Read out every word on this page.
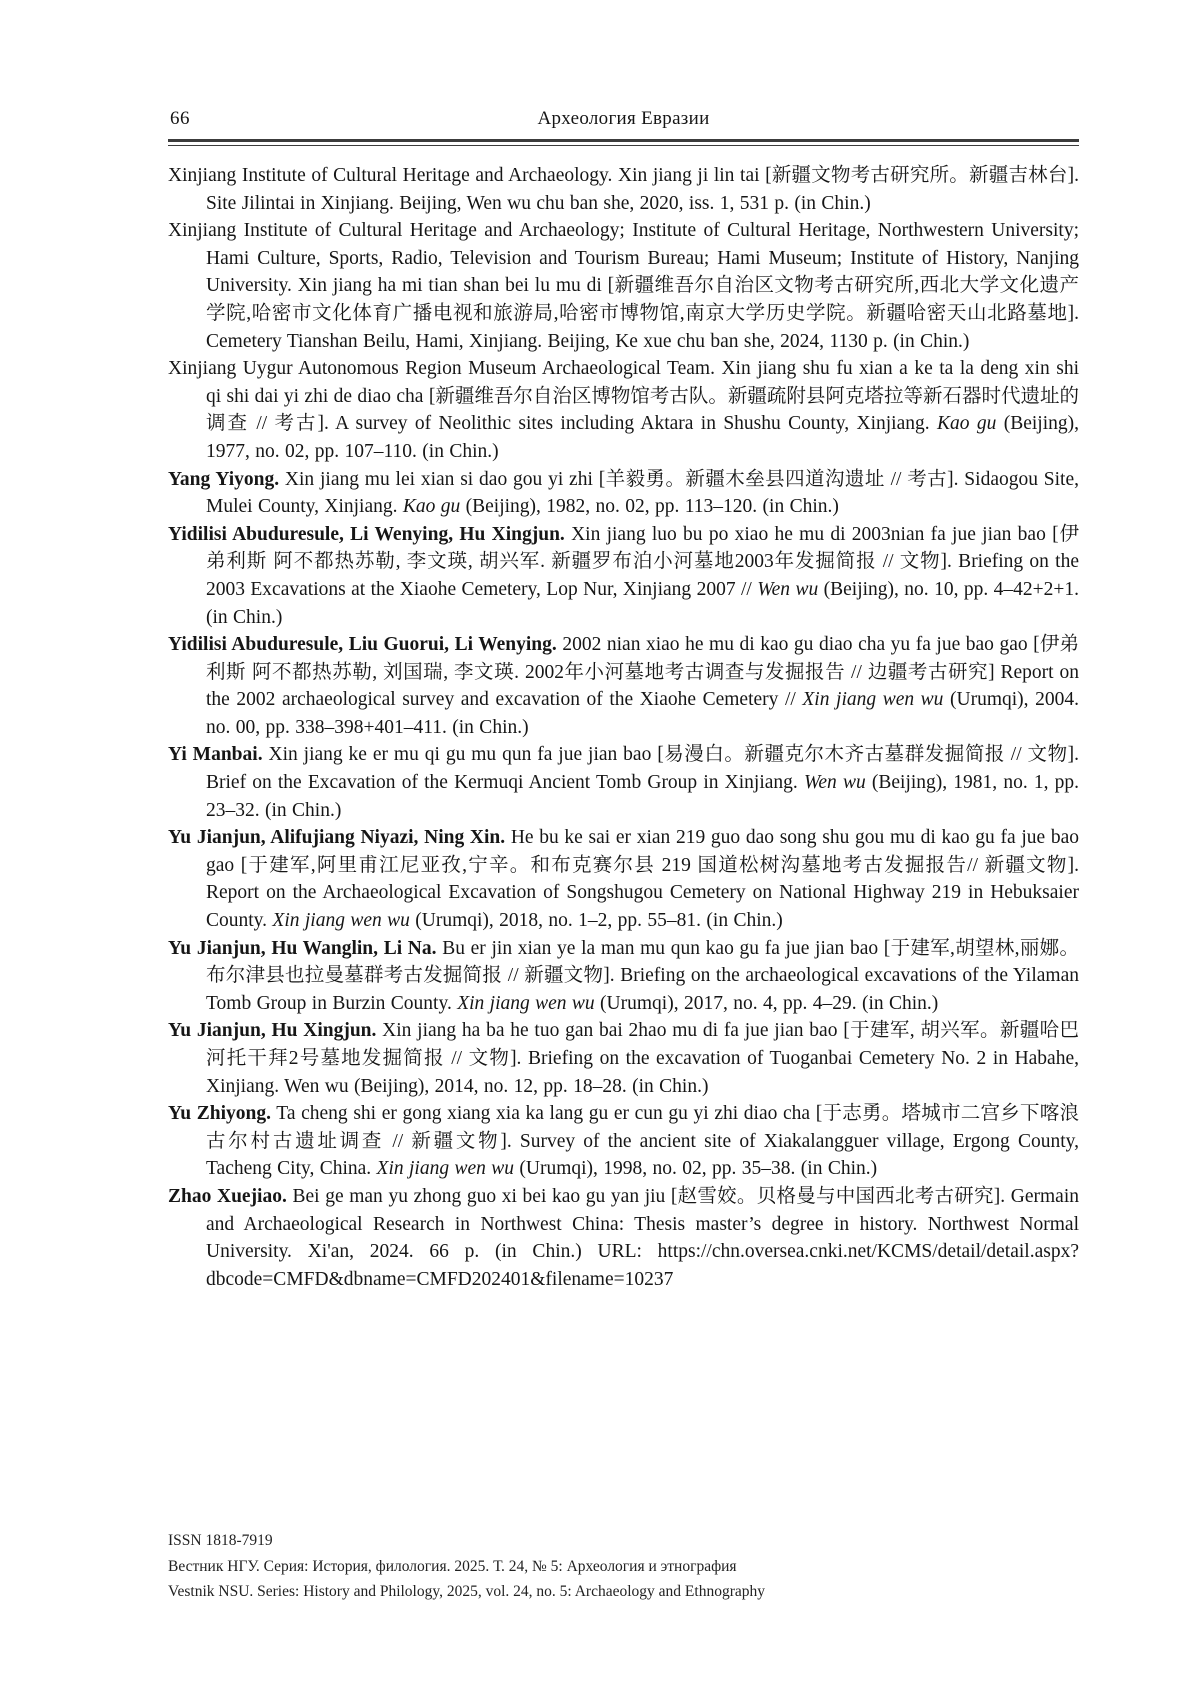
66	Археология Евразии

Xinjiang Institute of Cultural Heritage and Archaeology. Xin jiang ji lin tai [新疆文物考古研究所。新疆吉林台]. Site Jilintai in Xinjiang. Beijing, Wen wu chu ban she, 2020, iss. 1, 531 p. (in Chin.)

Xinjiang Institute of Cultural Heritage and Archaeology; Institute of Cultural Heritage, Northwestern University; Hami Culture, Sports, Radio, Television and Tourism Bureau; Hami Museum; Institute of History, Nanjing University. Xin jiang ha mi tian shan bei lu mu di [新疆维吾尔自治区文物考古研究所,西北大学文化遗产学院,哈密市文化体育广播电视和旅游局,哈密市博物馆,南京大学历史学院。新疆哈密天山北路墓地]. Cemetery Tianshan Beilu, Hami, Xinjiang. Beijing, Ke xue chu ban she, 2024, 1130 p. (in Chin.)

Xinjiang Uygur Autonomous Region Museum Archaeological Team. Xin jiang shu fu xian a ke ta la deng xin shi qi shi dai yi zhi de diao cha [新疆维吾尔自治区博物馆考古队。新疆疏附县阿克塔拉等新石器时代遗址的调查 // 考古]. A survey of Neolithic sites including Aktara in Shushu County, Xinjiang. Kao gu (Beijing), 1977, no. 02, pp. 107–110. (in Chin.)

Yang Yiyong. Xin jiang mu lei xian si dao gou yi zhi [羊毅勇。新疆木垒县四道沟遗址 // 考古]. Sidaogou Site, Mulei County, Xinjiang. Kao gu (Beijing), 1982, no. 02, pp. 113–120. (in Chin.)

Yidilisi Abuduresule, Li Wenying, Hu Xingjun. Xin jiang luo bu po xiao he mu di 2003nian fa jue jian bao [伊弟利斯 阿不都热苏勒, 李文瑛, 胡兴军. 新疆罗布泊小河墓地2003年发掘简报 // 文物]. Briefing on the 2003 Excavations at the Xiaohe Cemetery, Lop Nur, Xinjiang 2007 // Wen wu (Beijing), no. 10, pp. 4–42+2+1. (in Chin.)

Yidilisi Abuduresule, Liu Guorui, Li Wenying. 2002 nian xiao he mu di kao gu diao cha yu fa jue bao gao [伊弟利斯 阿不都热苏勒, 刘国瑞, 李文瑛. 2002年小河墓地考古调查与发掘报告 // 边疆考古研究] Report on the 2002 archaeological survey and excavation of the Xiaohe Cemetery // Xin jiang wen wu (Urumqi), 2004. no. 00, pp. 338–398+401–411. (in Chin.)

Yi Manbai. Xin jiang ke er mu qi gu mu qun fa jue jian bao [易漫白。新疆克尔木齐古墓群发掘简报 // 文物]. Brief on the Excavation of the Kermuqi Ancient Tomb Group in Xinjiang. Wen wu (Beijing), 1981, no. 1, pp. 23–32. (in Chin.)

Yu Jianjun, Alifujiang Niyazi, Ning Xin. He bu ke sai er xian 219 guo dao song shu gou mu di kao gu fa jue bao gao [于建军,阿里甫江尼亚孜,宁辛。和布克赛尔县 219 国道松树沟墓地考古发掘报告// 新疆文物]. Report on the Archaeological Excavation of Songshugou Cemetery on National Highway 219 in Hebuksaier County. Xin jiang wen wu (Urumqi), 2018, no. 1–2, pp. 55–81. (in Chin.)

Yu Jianjun, Hu Wanglin, Li Na. Bu er jin xian ye la man mu qun kao gu fa jue jian bao [于建军,胡望林,丽娜。布尔津县也拉曼墓群考古发掘简报 // 新疆文物]. Briefing on the archaeological excavations of the Yilaman Tomb Group in Burzin County. Xin jiang wen wu (Urumqi), 2017, no. 4, pp. 4–29. (in Chin.)

Yu Jianjun, Hu Xingjun. Xin jiang ha ba he tuo gan bai 2hao mu di fa jue jian bao [于建军, 胡兴军。新疆哈巴河托干拜2号墓地发掘简报 // 文物]. Briefing on the excavation of Tuoganbai Cemetery No. 2 in Habahe, Xinjiang. Wen wu (Beijing), 2014, no. 12, pp. 18–28. (in Chin.)

Yu Zhiyong. Ta cheng shi er gong xiang xia ka lang gu er cun gu yi zhi diao cha [于志勇。塔城市二宫乡下喀浪古尔村古遗址调查 // 新疆文物]. Survey of the ancient site of Xiakalangguer village, Ergong County, Tacheng City, China. Xin jiang wen wu (Urumqi), 1998, no. 02, pp. 35–38. (in Chin.)

Zhao Xuejiao. Bei ge man yu zhong guo xi bei kao gu yan jiu [赵雪姣。贝格曼与中国西北考古研究]. Germain and Archaeological Research in Northwest China: Thesis master’s degree in history. Northwest Normal University. Xi'an, 2024. 66 p. (in Chin.) URL: https://chn.oversea.cnki.net/KCMS/detail/detail.aspx?dbcode=CMFD&dbname=CMFD202401&filename=10237

ISSN 1818-7919
Вестник НГУ. Серия: История, филология. 2025. Т. 24, № 5: Археология и этнография
Vestnik NSU. Series: History and Philology, 2025, vol. 24, no. 5: Archaeology and Ethnography
